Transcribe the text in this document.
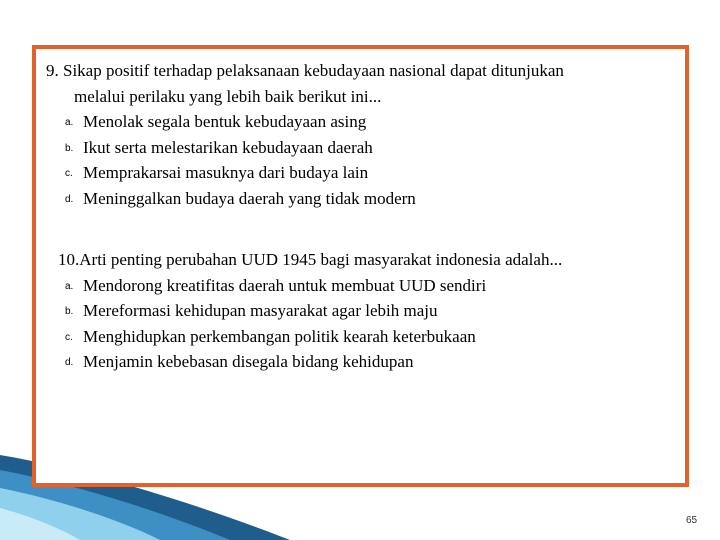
9. Sikap positif terhadap pelaksanaan kebudayaan nasional dapat ditunjukan
melalui perilaku yang lebih baik berikut ini...
a. Menolak segala bentuk kebudayaan asing
b. Ikut serta melestarikan kebudayaan daerah
c. Memprakarsai masuknya dari budaya lain
d. Meninggalkan budaya daerah yang tidak modern
10.Arti penting perubahan UUD 1945 bagi masyarakat indonesia adalah...
a. Mendorong kreatifitas daerah untuk membuat UUD sendiri
b. Mereformasi kehidupan masyarakat agar lebih maju
c. Menghidupkan perkembangan politik kearah keterbukaan
d. Menjamin kebebasan disegala bidang kehidupan
65
